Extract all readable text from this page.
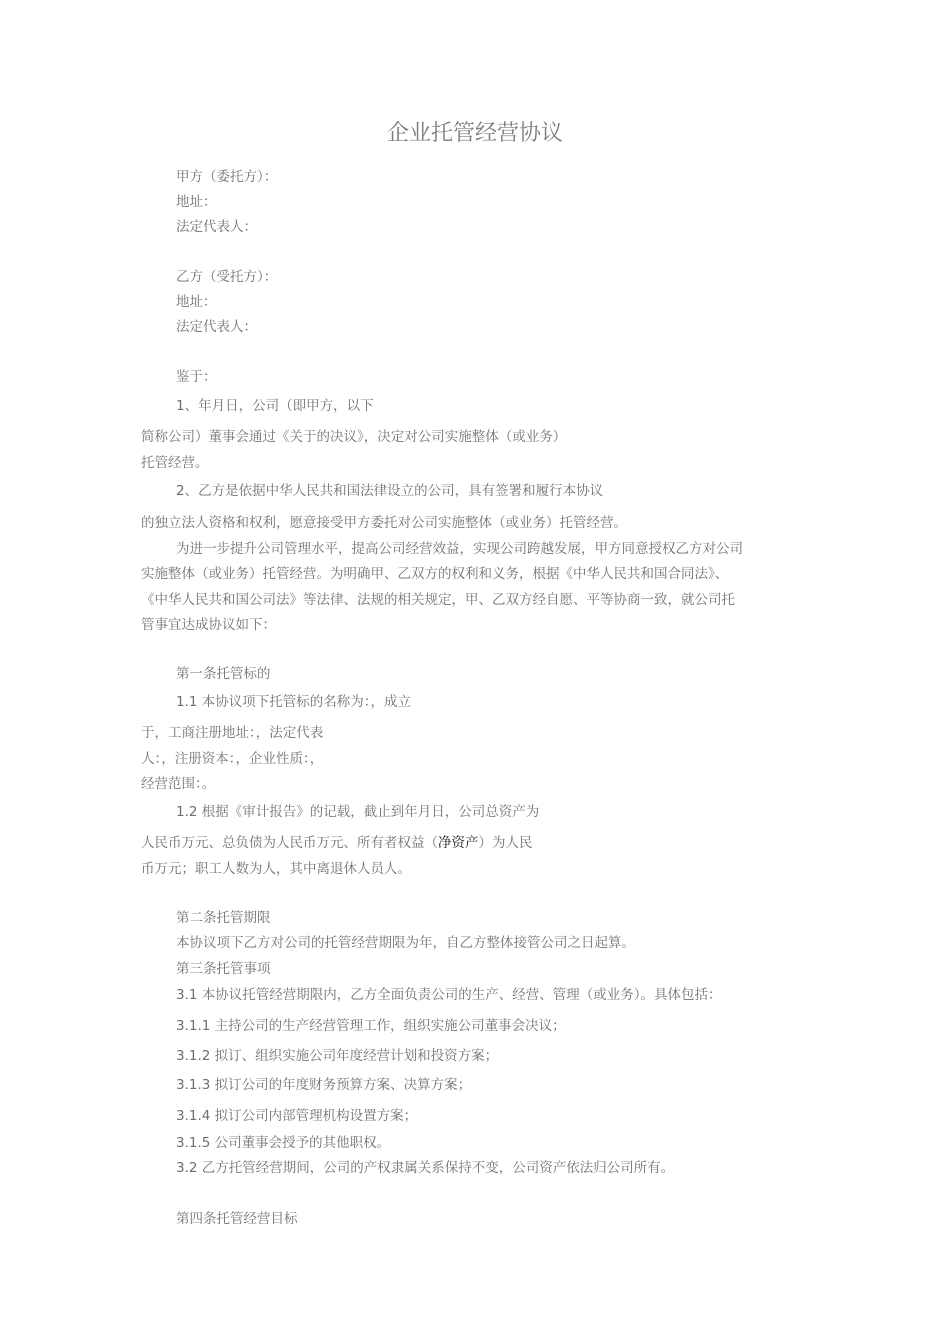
企业托管经营协议
甲方（委托方）：
地址：
法定代表人：
乙方（受托方）：
地址：
法定代表人：
鉴于：
1、年月日，公司（即甲方，以下
简称公司）董事会通过《关于的决议》，决定对公司实施整体（或业务）
托管经营。
2、乙方是依据中华人民共和国法律设立的公司，具有签署和履行本协议
的独立法人资格和权利，愿意接受甲方委托对公司实施整体（或业务）托管经营。
为进一步提升公司管理水平，提高公司经营效益，实现公司跨越发展，甲方同意授权乙方对公司
实施整体（或业务）托管经营。为明确甲、乙双方的权利和义务，根据《中华人民共和国合同法》、
《中华人民共和国公司法》等法律、法规的相关规定，甲、乙双方经自愿、平等协商一致，就公司托
管事宜达成协议如下：
第一条托管标的
1.1 本协议项下托管标的名称为：，成立
于，工商注册地址：，法定代表
人：，注册资本：，企业性质：，
经营范围：。
1.2 根据《审计报告》的记载，截止到年月日，公司总资产为
人民币万元、总负债为人民币万元、所有者权益（净资产）为人民
币万元；职工人数为人，其中离退休人员人。
第二条托管期限
本协议项下乙方对公司的托管经营期限为年，自乙方整体接管公司之日起算。
第三条托管事项
3.1 本协议托管经营期限内，乙方全面负责公司的生产、经营、管理（或业务）。具体包括：
3.1.1 主持公司的生产经营管理工作，组织实施公司董事会决议；
3.1.2 拟订、组织实施公司年度经营计划和投资方案；
3.1.3 拟订公司的年度财务预算方案、决算方案；
3.1.4 拟订公司内部管理机构设置方案；
3.1.5 公司董事会授予的其他职权。
3.2 乙方托管经营期间，公司的产权隶属关系保持不变，公司资产依法归公司所有。
第四条托管经营目标
